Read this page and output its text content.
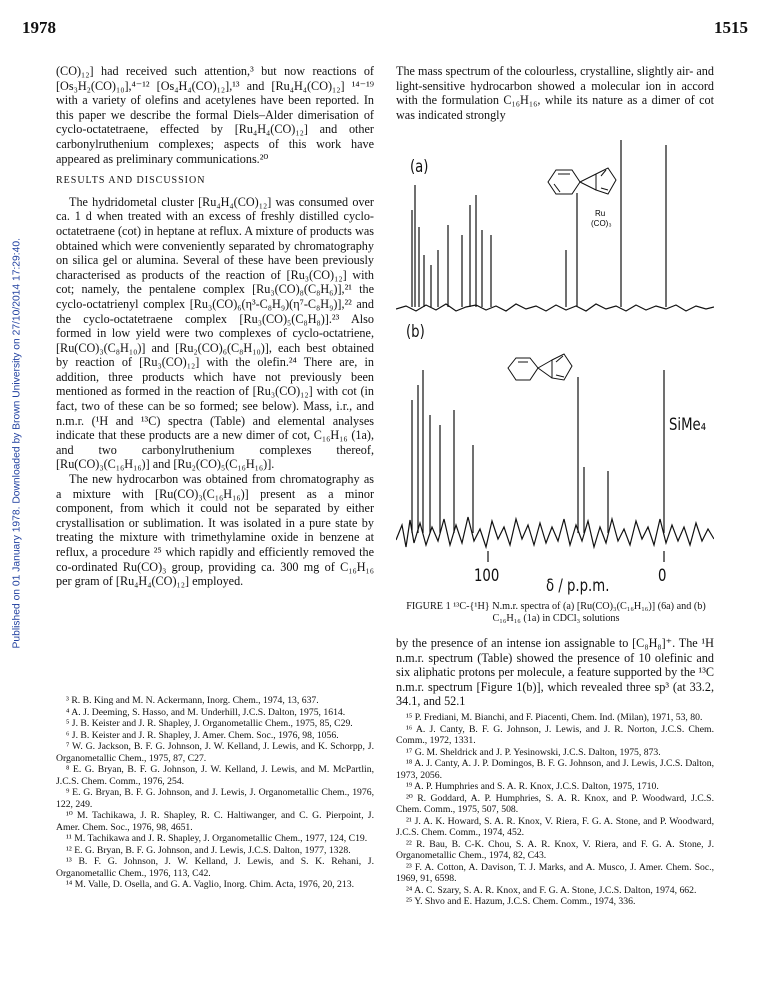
1978	1515
Published on 01 January 1978. Downloaded by Brown University on 27/10/2014 17:29:40.

(CO)₁₂] had received such attention,³ but now reactions of [Os₃H₂(CO)₁₀],⁴⁻¹² [Os₄H₄(CO)₁₂],¹³ and [Ru₄H₄(CO)₁₂] ¹⁴⁻¹⁹ with a variety of olefins and acetylenes have been reported. In this paper we describe the formal Diels–Alder dimerisation of cyclo-octatetraene, effected by [Ru₄H₄(CO)₁₂] and other carbonylruthenium complexes; aspects of this work have appeared as preliminary communications.²⁰

RESULTS AND DISCUSSION

The hydridometal cluster [Ru₄H₄(CO)₁₂] was consumed over ca. 1 d when treated with an excess of freshly distilled cyclo-octatetraene (cot) in heptane at reflux. A mixture of products was obtained which were conveniently separated by chromatography on silica gel or alumina. Several of these have been previously characterised as products of the reaction of [Ru₃(CO)₁₂] with cot; namely, the pentalene complex [Ru₃(CO)₈(C₈H₆)],²¹ the cyclo-octatrienyl complex [Ru₃(CO)₆(η³-C₈H₉)(η⁷-C₈H₉)],²² and the cyclo-octatetraene complex [Ru₃(CO)₅(C₈H₈)].²³ Also formed in low yield were two complexes of cyclo-octatriene, [Ru(CO)₃(C₈H₁₀)] and [Ru₂(CO)₆(C₈H₁₀)], each best obtained by reaction of [Ru₃(CO)₁₂] with the olefin.²⁴ There are, in addition, three products which have not previously been mentioned as formed in the reaction of [Ru₃(CO)₁₂] with cot (in fact, two of these can be so formed; see below). Mass, i.r., and n.m.r. (¹H and ¹³C) spectra (Table) and elemental analyses indicate that these products are a new dimer of cot, C₁₆H₁₆ (1a), and two carbonylruthenium complexes thereof, [Ru(CO)₃(C₁₆H₁₆)] and [Ru₂(CO)₅(C₁₆H₁₆)].

The new hydrocarbon was obtained from chromatography as a mixture with [Ru(CO)₃(C₁₆H₁₆)] present as a minor component, from which it could not be separated by either crystallisation or sublimation. It was isolated in a pure state by treating the mixture with trimethylamine oxide in benzene at reflux, a procedure ²⁵ which rapidly and efficiently removed the co-ordinated Ru(CO)₃ group, providing ca. 300 mg of C₁₆H₁₆ per gram of [Ru₄H₄(CO)₁₂] employed.

³ R. B. King and M. N. Ackermann, Inorg. Chem., 1974, 13, 637.

⁴ A. J. Deeming, S. Hasso, and M. Underhill, J.C.S. Dalton, 1975, 1614.

⁵ J. B. Keister and J. R. Shapley, J. Organometallic Chem., 1975, 85, C29.

⁶ J. B. Keister and J. R. Shapley, J. Amer. Chem. Soc., 1976, 98, 1056.

⁷ W. G. Jackson, B. F. G. Johnson, J. W. Kelland, J. Lewis, and K. Schorpp, J. Organometallic Chem., 1975, 87, C27.

⁸ E. G. Bryan, B. F. G. Johnson, J. W. Kelland, J. Lewis, and M. McPartlin, J.C.S. Chem. Comm., 1976, 254.

⁹ E. G. Bryan, B. F. G. Johnson, and J. Lewis, J. Organometallic Chem., 1976, 122, 249.

¹⁰ M. Tachikawa, J. R. Shapley, R. C. Haltiwanger, and C. G. Pierpoint, J. Amer. Chem. Soc., 1976, 98, 4651.

¹¹ M. Tachikawa and J. R. Shapley, J. Organometallic Chem., 1977, 124, C19.

¹² E. G. Bryan, B. F. G. Johnson, and J. Lewis, J.C.S. Dalton, 1977, 1328.

¹³ B. F. G. Johnson, J. W. Kelland, J. Lewis, and S. K. Rehani, J. Organometallic Chem., 1976, 113, C42.

¹⁴ M. Valle, D. Osella, and G. A. Vaglio, Inorg. Chim. Acta, 1976, 20, 213.

The mass spectrum of the colourless, crystalline, slightly air- and light-sensitive hydrocarbon showed a molecular ion in accord with the formulation C₁₆H₁₆, while its nature as a dimer of cot was indicated strongly
Ru
(CO)₃
(a)
(b)
SiMe₄
100	0
δ / p.p.m.
FIGURE 1 ¹³C-{¹H} N.m.r. spectra of (a) [Ru(CO)₃(C₁₆H₁₆)] (6a) and (b) C₁₆H₁₆ (1a) in CDCl₃ solutions
by the presence of an intense ion assignable to [C₈H₈]⁺. The ¹H n.m.r. spectrum (Table) showed the presence of 10 olefinic and six aliphatic protons per molecule, a feature supported by the ¹³C n.m.r. spectrum [Figure 1(b)], which revealed three sp³ (at 33.2, 34.1, and 52.1

¹⁵ P. Frediani, M. Bianchi, and F. Piacenti, Chem. Ind. (Milan), 1971, 53, 80.

¹⁶ A. J. Canty, B. F. G. Johnson, J. Lewis, and J. R. Norton, J.C.S. Chem. Comm., 1972, 1331.

¹⁷ G. M. Sheldrick and J. P. Yesinowski, J.C.S. Dalton, 1975, 873.

¹⁸ A. J. Canty, A. J. P. Domingos, B. F. G. Johnson, and J. Lewis, J.C.S. Dalton, 1973, 2056.

¹⁹ A. P. Humphries and S. A. R. Knox, J.C.S. Dalton, 1975, 1710.

²⁰ R. Goddard, A. P. Humphries, S. A. R. Knox, and P. Woodward, J.C.S. Chem. Comm., 1975, 507, 508.

²¹ J. A. K. Howard, S. A. R. Knox, V. Riera, F. G. A. Stone, and P. Woodward, J.C.S. Chem. Comm., 1974, 452.

²² R. Bau, B. C-K. Chou, S. A. R. Knox, V. Riera, and F. G. A. Stone, J. Organometallic Chem., 1974, 82, C43.

²³ F. A. Cotton, A. Davison, T. J. Marks, and A. Musco, J. Amer. Chem. Soc., 1969, 91, 6598.

²⁴ A. C. Szary, S. A. R. Knox, and F. G. A. Stone, J.C.S. Dalton, 1974, 662.

²⁵ Y. Shvo and E. Hazum, J.C.S. Chem. Comm., 1974, 336.
